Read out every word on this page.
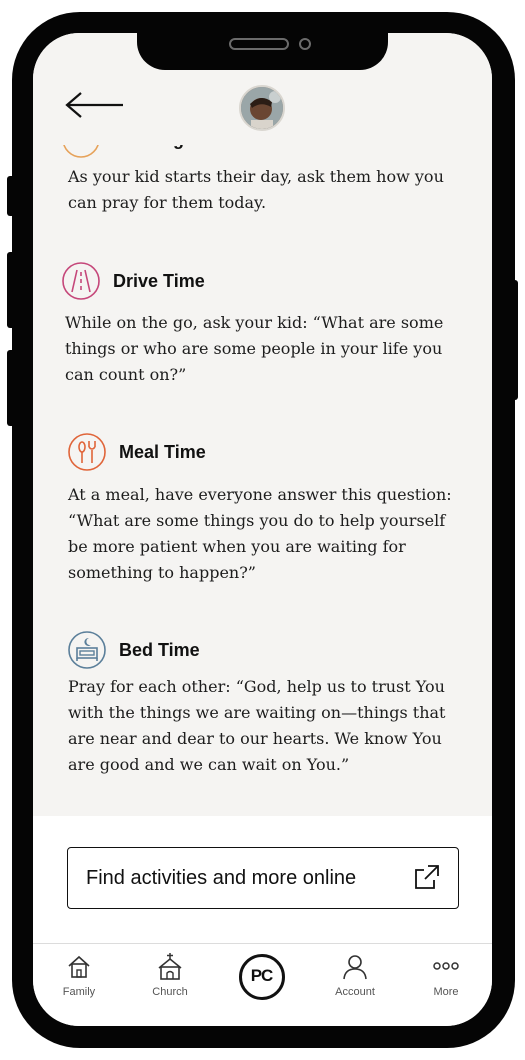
As your kid starts their day, ask them how you can pray for them today.
Drive Time
While on the go, ask your kid: “What are some things or who are some people in your life you can count on?”
Meal Time
At a meal, have everyone answer this question: “What are some things you do to help yourself be more patient when you are waiting for something to happen?”
Bed Time
Pray for each other: “God, help us to trust You with the things we are waiting on—things that are near and dear to our hearts. We know You are good and we can wait on You.”
Find activities and more online
Family	Church
PC
Account	More
